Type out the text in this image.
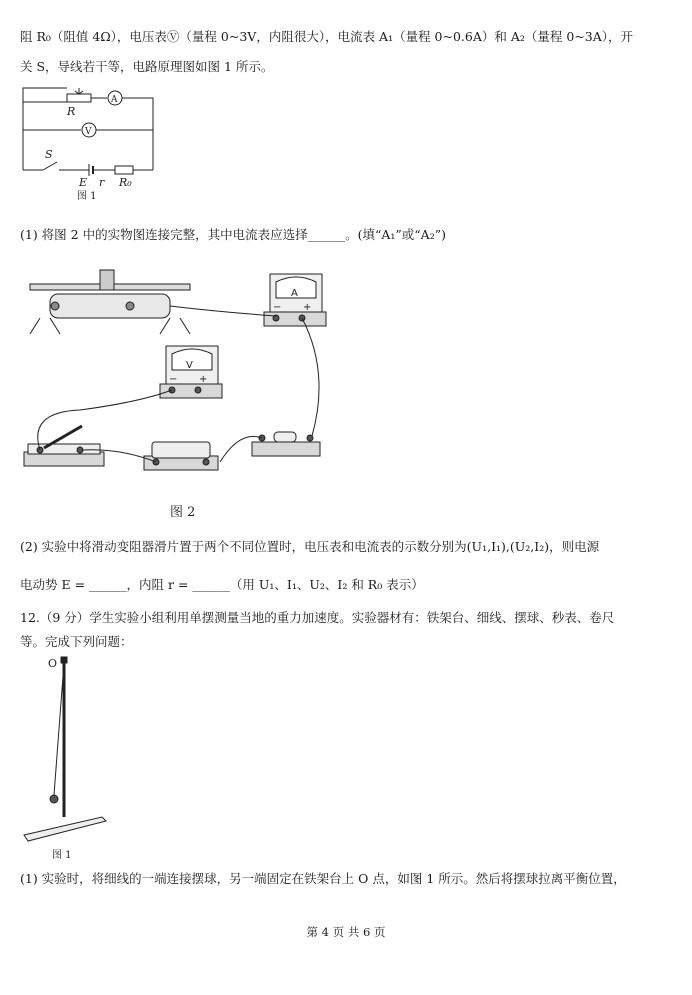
阻 R₀（阻值 4Ω），电压表Ⓥ（量程 0~3V，内阻很大），电流表 A₁（量程 0~0.6A）和 A₂（量程 0~3A），开
关 S，导线若干等，电路原理图如图 1 所示。
R
A
V
S
E r R₀
图 1
(1) 将图 2 中的实物图连接完整，其中电流表应选择______。(填“A₁”或“A₂”)
A
V
− +
− +
图 2
(2) 实验中将滑动变阻器滑片置于两个不同位置时，电压表和电流表的示数分别为(U₁,I₁),(U₂,I₂)，则电源
电动势 E = ______，内阻 r = ______（用 U₁、I₁、U₂、I₂ 和 R₀ 表示）
12.（9 分）学生实验小组利用单摆测量当地的重力加速度。实验器材有：铁架台、细线、摆球、秒表、卷尺
等。完成下列问题：
O
图 1
(1) 实验时，将细线的一端连接摆球，另一端固定在铁架台上 O 点，如图 1 所示。然后将摆球拉离平衡位置，
第 4 页 共 6 页
